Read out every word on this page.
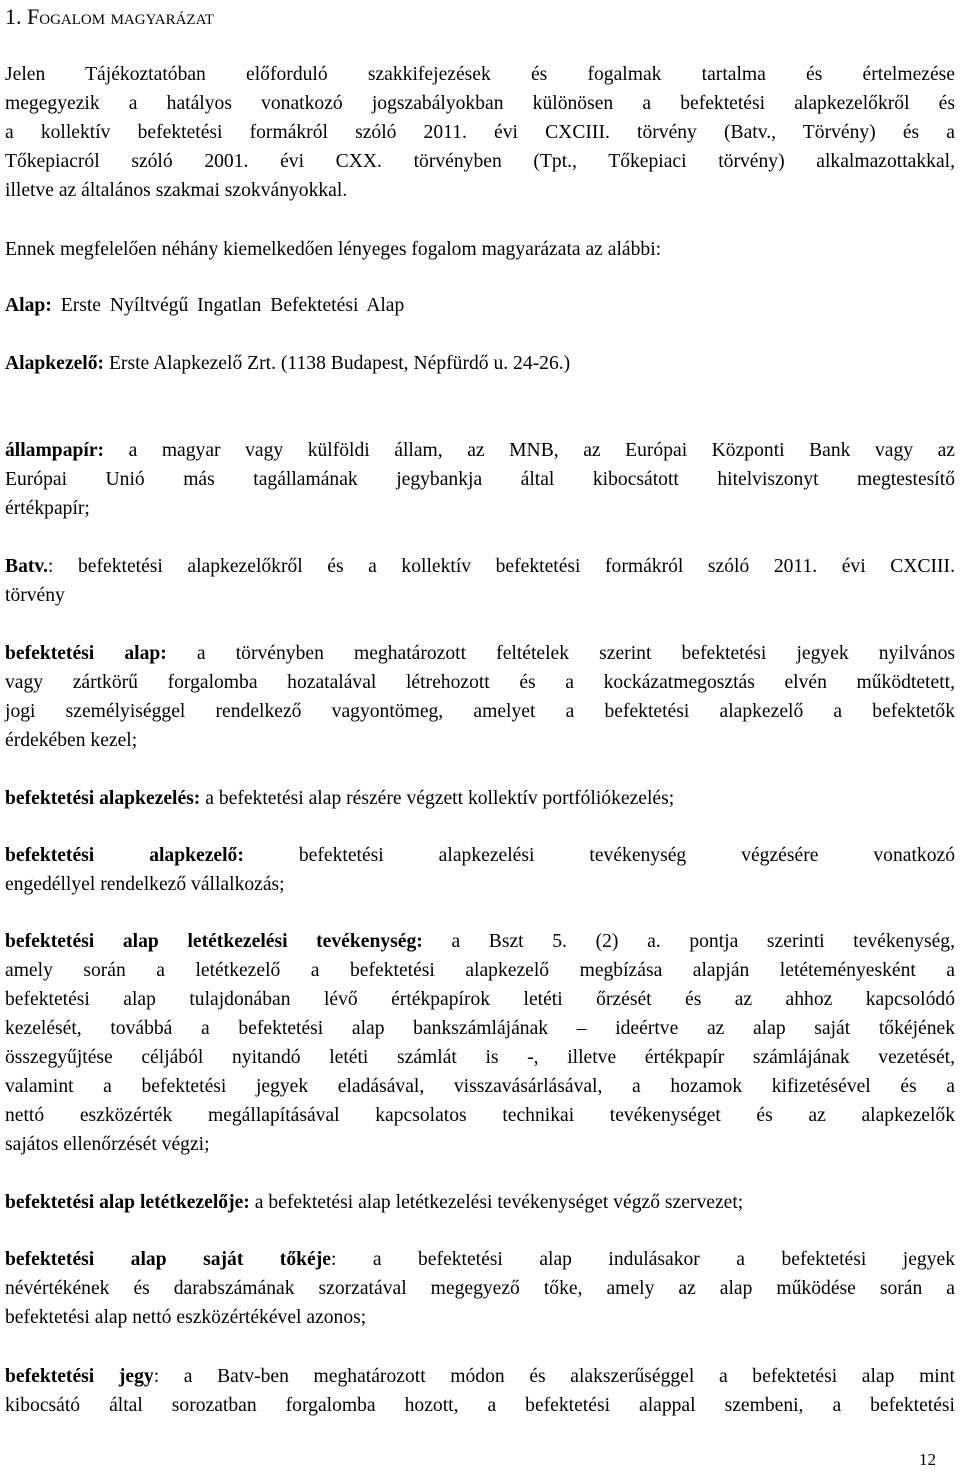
1. Fogalom magyarázat
Jelen Tájékoztatóban előforduló szakkifejezések és fogalmak tartalma és értelmezése
megegyezik a hatályos vonatkozó jogszabályokban különösen a befektetési alapkezelőkről és
a kollektív befektetési formákról szóló 2011. évi CXCIII. törvény (Batv., Törvény) és a
Tőkepiacról szóló 2001. évi CXX. törvényben (Tpt., Tőkepiaci törvény) alkalmazottakkal,
illetve az általános szakmai szokványokkal.
Ennek megfelelően néhány kiemelkedően lényeges fogalom magyarázata az alábbi:
Alap: Erste Nyíltvégű Ingatlan Befektetési Alap
Alapkezelő: Erste Alapkezelő Zrt. (1138 Budapest, Népfürdő u. 24-26.)
állampapír: a magyar vagy külföldi állam, az MNB, az Európai Központi Bank vagy az
Európai Unió más tagállamának jegybankja által kibocsátott hitelviszonyt megtestesítő
értékpapír;
Batv.: befektetési alapkezelőkről és a kollektív befektetési formákról szóló 2011. évi CXCIII.
törvény
befektetési alap: a törvényben meghatározott feltételek szerint befektetési jegyek nyilvános
vagy zártkörű forgalomba hozatalával létrehozott és a kockázatmegosztás elvén működtetett,
jogi személyiséggel rendelkező vagyontömeg, amelyet a befektetési alapkezelő a befektetők
érdekében kezel;
befektetési alapkezelés: a befektetési alap részére végzett kollektív portfóliókezelés;
befektetési alapkezelő:	befektetési alapkezelési tevékenység végzésére vonatkozó
engedéllyel rendelkező vállalkozás;
befektetési alap letétkezelési tevékenység: a Bszt 5. (2) a. pontja szerinti tevékenység,
amely során a letétkezelő a befektetési alapkezelő megbízása alapján letéteményesként a
befektetési alap tulajdonában lévő értékpapírok letéti őrzését és az ahhoz kapcsolódó
kezelését, továbbá a befektetési alap bankszámlájának – ideértve az alap saját tőkéjének
összegyűjtése céljából nyitandó letéti számlát is -, illetve értékpapír számlájának vezetését,
valamint a befektetési jegyek eladásával, visszavásárlásával, a hozamok kifizetésével és a
nettó eszközérték megállapításával kapcsolatos technikai tevékenységet és az alapkezelők
sajátos ellenőrzését végzi;
befektetési alap letétkezelője: a befektetési alap letétkezelési tevékenységet végző szervezet;
befektetési alap saját tőkéje: a befektetési alap indulásakor a befektetési jegyek
névértékének és darabszámának szorzatával megegyező tőke, amely az alap működése során a
befektetési alap nettó eszközértékével azonos;
befektetési jegy: a Batv-ben meghatározott módon és alakszerűséggel a befektetési alap mint
kibocsátó által sorozatban forgalomba hozott, a befektetési alappal szembeni, a befektetési
12
